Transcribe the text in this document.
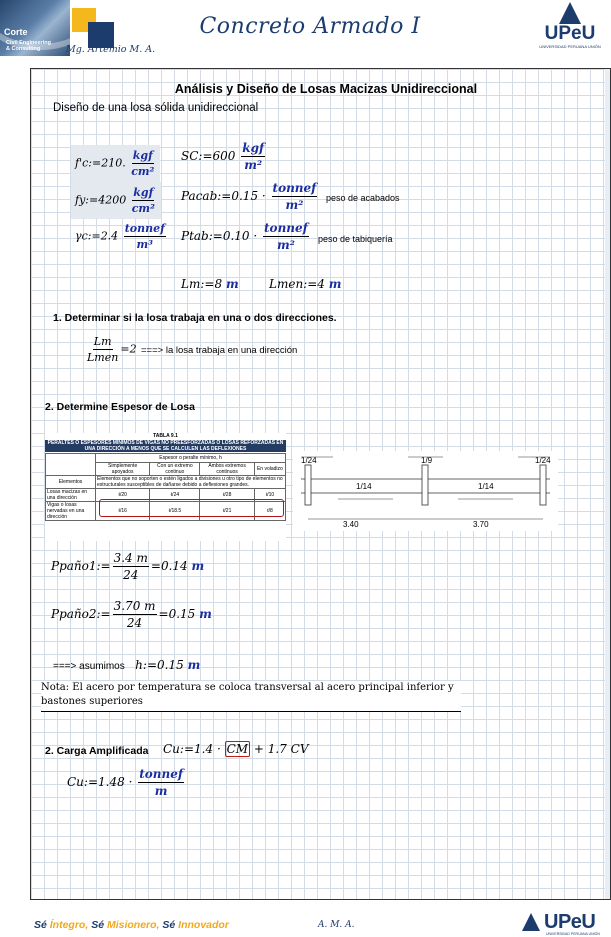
Corte
Civil Engineering
& Consulting	Mg. Artemio M. A.
Concreto Armado I	UPeU
UNIVERSIDAD PERUANA UNIÓN
Análisis y Diseño de Losas Macizas Unidireccional
Diseño de una losa sólida unidireccional
f'c:=210. $\frac{\text{kgf}}{\text{cm²}}$ SC:=600 $\frac{\text{kgf}}{\text{m²}}$
fy:=4200 $\frac{\text{kgf}}{\text{cm²}}$ Pacab:=0.15 · $\frac{\text{tonnef}}{\text{m²}}$ peso de acabados
γc:=2.4 $\frac{\text{tonnef}}{\text{m³}}$ Ptab:=0.10 · $\frac{\text{tonnef}}{\text{m²}}$ peso de tabiquería
Lm:=8 m	Lmen:=4 m
1. Determinar si la losa trabaja en una o dos direcciones.
$\frac{Lm}{\text{Lmen}} =2$ ===> la losa trabaja en una dirección
2. Determine Espesor de Losa
TABLA 9.1
PERALTES O ESPESORES MÍNIMOS DE VIGAS NO PREESFORZADAS O LOSAS REFORZADAS EN UNA DIRECCIÓN A MENOS QUE SE CALCULEN LAS DEFLEXIONES
	Espesor o peralte mínimo, h			
	Simplemente apoyados	Con un extremo continuo	Ambos extremos continuos	En voladizo
Elementos	Elementos que no soporten o estén ligados a divisiones u otro tipo de elementos no estructurales susceptibles de dañarse debido a deflexiones grandes.			
Losas macizas en una dirección	ℓ/20	ℓ/24	ℓ/28	ℓ/10
Vigas o losas nervadas en una dirección	ℓ/16	ℓ/18.5	ℓ/21	ℓ/8
1/24	1/9	1/24
1/14	1/14
3.40	3.70
Ppaño1:= $\frac{3.4 m}{24} =0.14$ m
Ppaño2:= $\frac{3.70 m}{24} =0.15$ m
===> asumimos h:=0.15 m
Nota: El acero por temperatura se coloca transversal al acero principal inferior y bastones superiores
2. Carga Amplificada Cu:=1.4 · CM + 1.7 CV
Cu:=1.48 · $\frac{\text{tonnef}}{m}$
Sé Íntegro, Sé Misionero, Sé Innovador	A. M. A.	UPeU
UNIVERSIDAD PERUANA UNIÓN
